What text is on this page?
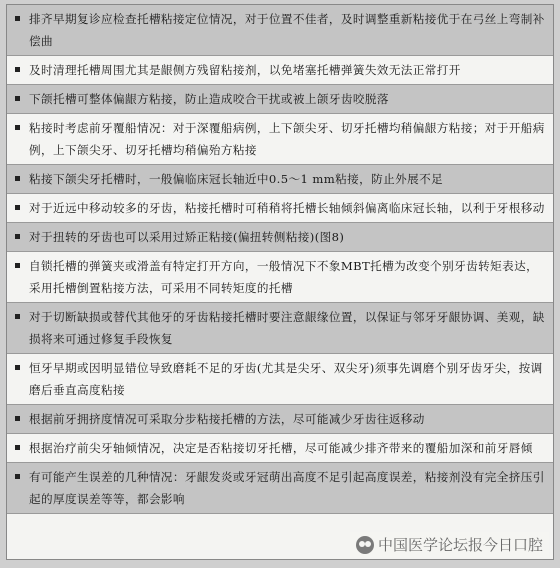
排齐早期复诊应检查托槽粘接定位情况，对于位置不佳者，及时调整重新粘接优于在弓丝上弯制补偿曲
及时清理托槽周围尤其是龈侧方残留粘接剂，以免堵塞托槽弹簧失效无法正常打开
下颌托槽可整体偏龈方粘接，防止造成咬合干扰或被上颌牙齿咬脱落
粘接时考虑前牙覆船情况：对于深覆船病例，上下颌尖牙、切牙托槽均稍偏龈方粘接；对于开船病例，上下颌尖牙、切牙托槽均稍偏殆方粘接
粘接下颌尖牙托槽时，一般偏临床冠长轴近中0.5～1 mm粘接，防止外展不足
对于近远中移动较多的牙齿，粘接托槽时可稍稍将托槽长轴倾斜偏离临床冠长轴，以利于牙根移动
对于扭转的牙齿也可以采用过矫正粘接(偏扭转侧粘接)(图8)
自锁托槽的弹簧夹或滑盖有特定打开方向，一般情况下不象MBT托槽为改变个别牙齿转矩表达，采用托槽倒置粘接方法，可采用不同转矩度的托槽
对于切断缺损或替代其他牙的牙齿粘接托槽时要注意龈缘位置，以保证与邻牙牙龈协调、美观，缺损将来可通过修复手段恢复
恒牙早期或因明显错位导致磨耗不足的牙齿(尤其是尖牙、双尖牙)须事先调磨个别牙齿牙尖，按调磨后垂直高度粘接
根据前牙拥挤度情况可采取分步粘接托槽的方法，尽可能减少牙齿往返移动
根据治疗前尖牙轴倾情况，决定是否粘接切牙托槽，尽可能减少排齐带来的覆船加深和前牙唇倾
有可能产生误差的几种情况：牙龈发炎或牙冠萌出高度不足引起高度误差，粘接剂没有完全挤压引起的厚度误差等等，都会影响
中国医学论坛报今日口腔
